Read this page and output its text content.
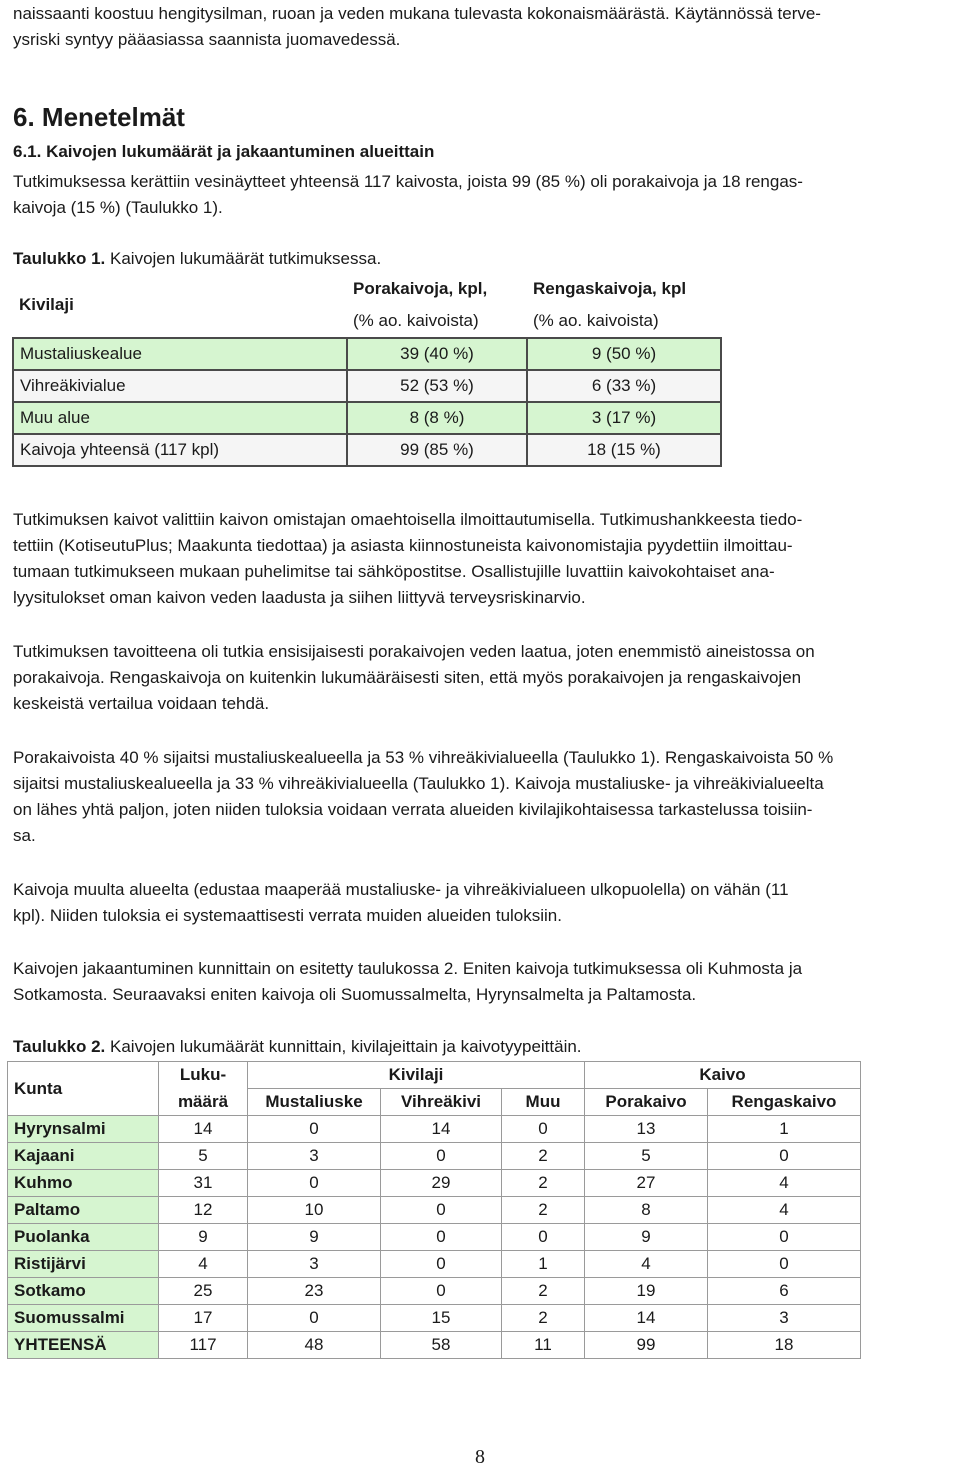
naissaanti koostuu hengitysilman, ruoan ja veden mukana tulevasta kokonaismäärästä. Käytännössä terve-
ysriski syntyy pääasiassa saannista juomavedessä.

6. Menetelmät
6.1. Kaivojen lukumäärät ja jakaantuminen alueittain

Tutkimuksessa kerättiin vesinäytteet yhteensä 117 kaivosta, joista 99 (85 %) oli porakaivoja ja 18 rengas-
kaivoja (15 %) (Taulukko 1).

Taulukko 1. Kaivojen lukumäärät tutkimuksessa.

Kivilaji	Porakaivoja, kpl,	Rengaskaivoja, kpl
	(% ao. kaivoista)	(% ao. kaivoista)
Mustaliuskealue	39 (40 %)	9 (50 %)
Vihreäkivialue	52 (53 %)	6 (33 %)
Muu alue	8 (8 %)	3 (17 %)
Kaivoja yhteensä (117 kpl)	99 (85 %)	18 (15 %)

Tutkimuksen kaivot valittiin kaivon omistajan omaehtoisella ilmoittautumisella. Tutkimushankkeesta tiedo-
tettiin (KotiseutuPlus; Maakunta tiedottaa) ja asiasta kiinnostuneista kaivonomistajia pyydettiin ilmoittau-
tumaan tutkimukseen mukaan puhelimitse tai sähköpostitse. Osallistujille luvattiin kaivokohtaiset ana-
lyysitulokset oman kaivon veden laadusta ja siihen liittyvä terveysriskinarvio.

Tutkimuksen tavoitteena oli tutkia ensisijaisesti porakaivojen veden laatua, joten enemmistö aineistossa on
porakaivoja. Rengaskaivoja on kuitenkin lukumääräisesti siten, että myös porakaivojen ja rengaskaivojen
keskeistä vertailua voidaan tehdä.

Porakaivoista 40 % sijaitsi mustaliuskealueella ja 53 % vihreäkivialueella (Taulukko 1). Rengaskaivoista 50 %
sijaitsi mustaliuskealueella ja 33 % vihreäkivialueella (Taulukko 1). Kaivoja mustaliuske- ja vihreäkivialueelta
on lähes yhtä paljon, joten niiden tuloksia voidaan verrata alueiden kivilajikohtaisessa tarkastelussa toisiin-
sa.

Kaivoja muulta alueelta (edustaa maaperää mustaliuske- ja vihreäkivialueen ulkopuolella) on vähän (11
kpl). Niiden tuloksia ei systemaattisesti verrata muiden alueiden tuloksiin.

Kaivojen jakaantuminen kunnittain on esitetty taulukossa 2. Eniten kaivoja tutkimuksessa oli Kuhmosta ja
Sotkamosta. Seuraavaksi eniten kaivoja oli Suomussalmelta, Hyrynsalmelta ja Paltamosta.

Taulukko 2. Kaivojen lukumäärät kunnittain, kivilajeittain ja kaivotyypeittäin.

Kunta	Luku-	Kivilaji			Kaivo	
	määrä	Mustaliuske	Vihreäkivi	Muu	Porakaivo	Rengaskaivo
Hyrynsalmi	14	0	14	0	13	1
Kajaani	5	3	0	2	5	0
Kuhmo	31	0	29	2	27	4
Paltamo	12	10	0	2	8	4
Puolanka	9	9	0	0	9	0
Ristijärvi	4	3	0	1	4	0
Sotkamo	25	23	0	2	19	6
Suomussalmi	17	0	15	2	14	3
YHTEENSÄ	117	48	58	11	99	18
8
